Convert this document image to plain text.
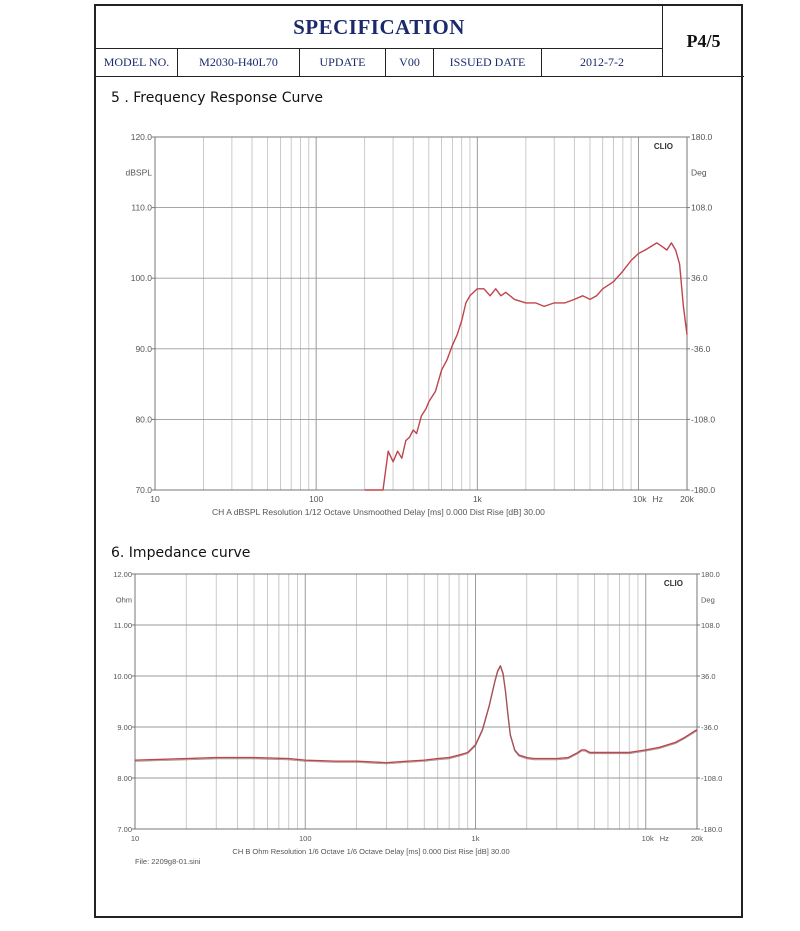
SPECIFICATION
MODEL NO.	M2030-H40L70	UPDATE	V00	ISSUED DATE	2012-7-2
P4/5
5 . Frequency Response Curve
6. Impedance curve
70.0
80.0
90.0
100.0
110.0
120.0
-180.0
-108.0
-36.0
36.0
108.0
180.0
dBSPL	Deg
10	100	1k	10k	20k
Hz
CLIO
CH A dBSPL Resolution 1/12 Octave Unsmoothed Delay [ms] 0.000 Dist Rise [dB] 30.00
7.00
8.00
9.00
10.00
11.00
12.00
-180.0
-108.0
-36.0
36.0
108.0
180.0
Ohm	Deg
10	100	1k	10k	20k
Hz
CLIO
CH B Ohm Resolution 1/6 Octave 1/6 Octave Delay [ms] 0.000 Dist Rise [dB] 30.00
File: 2209g8-01.sini
